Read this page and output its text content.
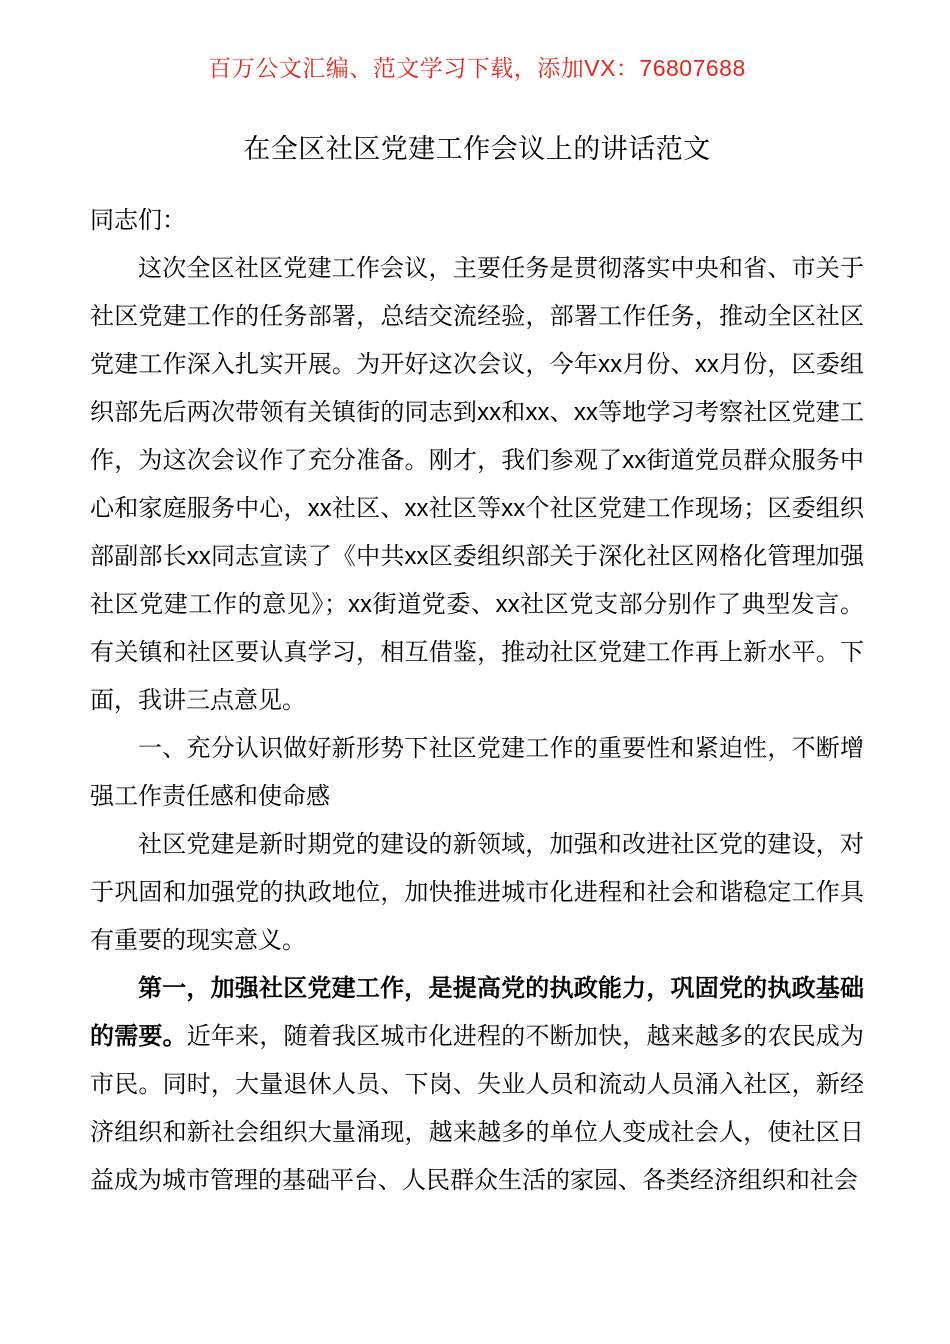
百万公文汇编、范文学习下载，添加VX：76807688
在全区社区党建工作会议上的讲话范文

同志们：

这次全区社区党建工作会议，主要任务是贯彻落实中央和省、市关于社区党建工作的任务部署，总结交流经验，部署工作任务，推动全区社区党建工作深入扎实开展。为开好这次会议，今年xx月份、xx月份，区委组织部先后两次带领有关镇街的同志到xx和xx、xx等地学习考察社区党建工作，为这次会议作了充分准备。刚才，我们参观了xx街道党员群众服务中心和家庭服务中心，xx社区、xx社区等xx个社区党建工作现场；区委组织部副部长xx同志宣读了《中共xx区委组织部关于深化社区网格化管理加强社区党建工作的意见》；xx街道党委、xx社区党支部分别作了典型发言。有关镇和社区要认真学习，相互借鉴，推动社区党建工作再上新水平。下面，我讲三点意见。

一、充分认识做好新形势下社区党建工作的重要性和紧迫性，不断增强工作责任感和使命感

社区党建是新时期党的建设的新领域，加强和改进社区党的建设，对于巩固和加强党的执政地位，加快推进城市化进程和社会和谐稳定工作具有重要的现实意义。

第一，加强社区党建工作，是提高党的执政能力，巩固党的执政基础的需要。近年来，随着我区城市化进程的不断加快，越来越多的农民成为市民。同时，大量退休人员、下岗、失业人员和流动人员涌入社区，新经济组织和新社会组织大量涌现，越来越多的单位人变成社会人，使社区日益成为城市管理的基础平台、人民群众生活的家园、各类经济组织和社会
